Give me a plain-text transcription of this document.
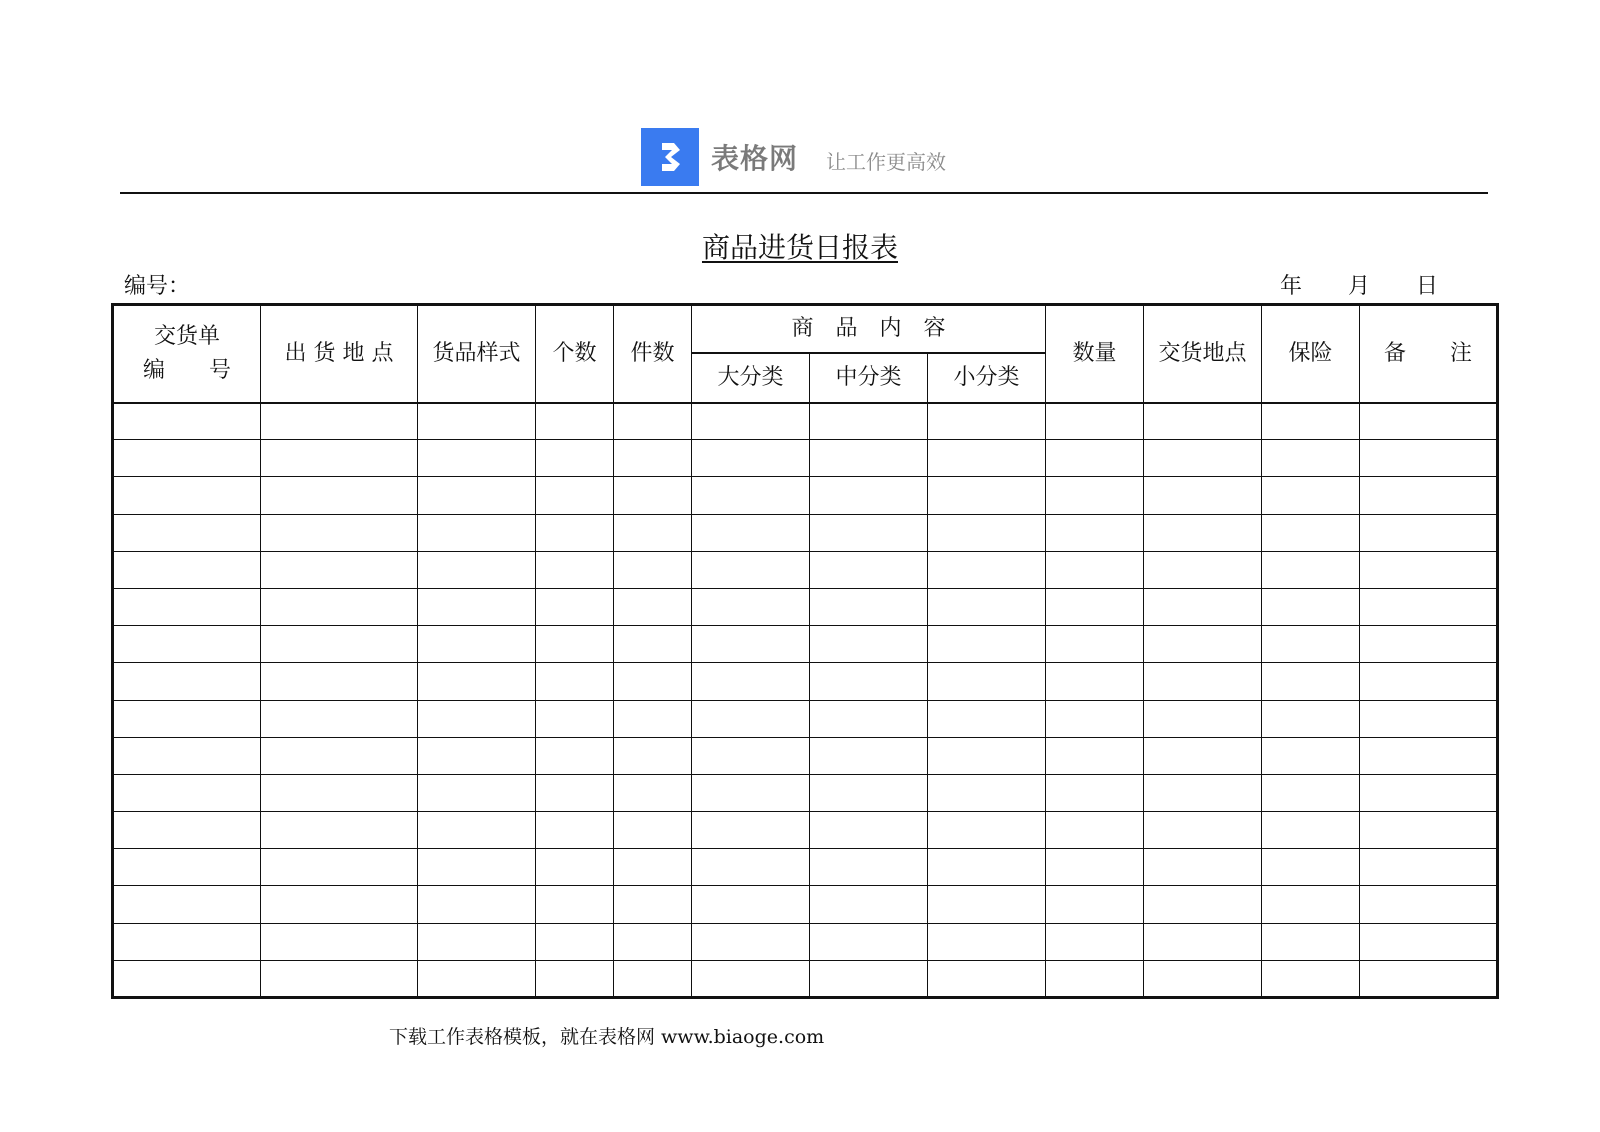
表格网 让工作更高效
商品进货日报表
编号：	年 月 日
交货单
编　　号	出 货 地 点	货品样式	个数	件数	商　品　内　容			数量	交货地点	保险	备　　注
					大分类	中分类	小分类				

下载工作表格模板，就在表格网 www.biaoge.com
